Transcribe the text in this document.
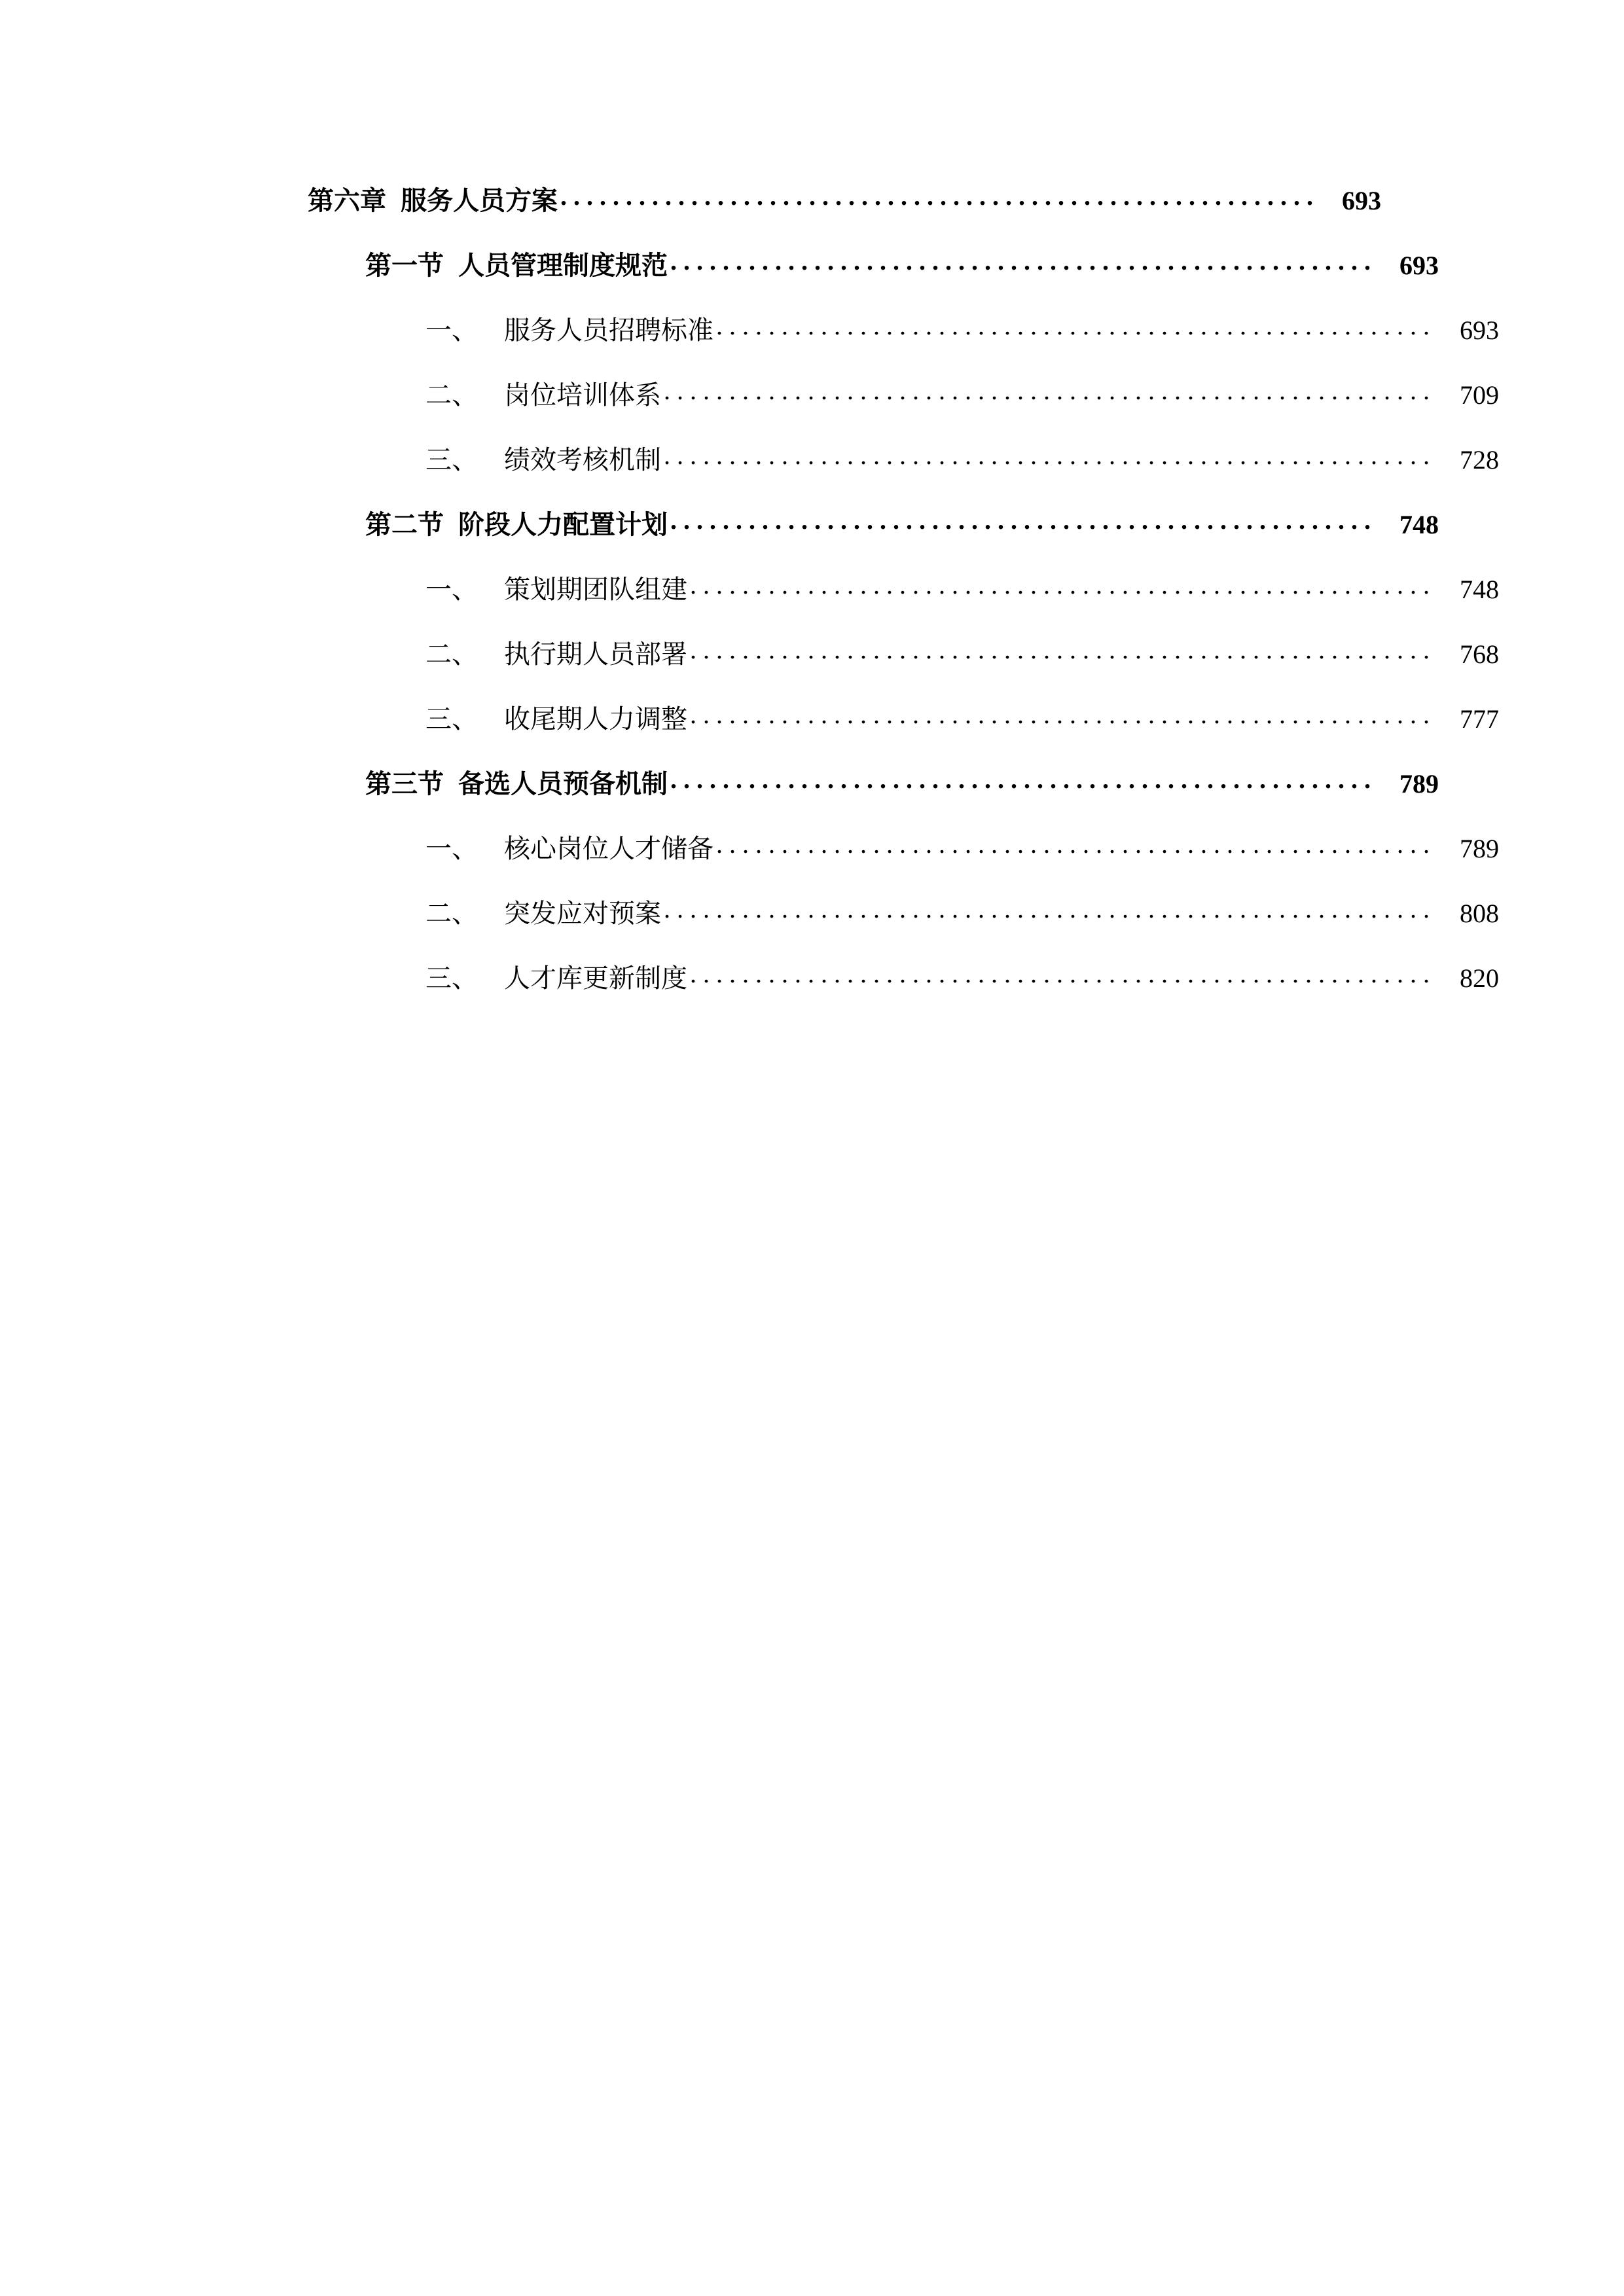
第六章 服务人员方案 . . .	693
第一节 人员管理制度规范 . . .	693
一、 服务人员招聘标准 . . .	693
二、 岗位培训体系 . . .	709
三、 绩效考核机制 . . .	728
第二节 阶段人力配置计划 . . .	748
一、 策划期团队组建 . . .	748
二、 执行期人员部署 . . .	768
三、 收尾期人力调整 . . .	777
第三节 备选人员预备机制 . . .	789
一、 核心岗位人才储备 . . .	789
二、 突发应对预案 . . .	808
三、 人才库更新制度 . . .	820
